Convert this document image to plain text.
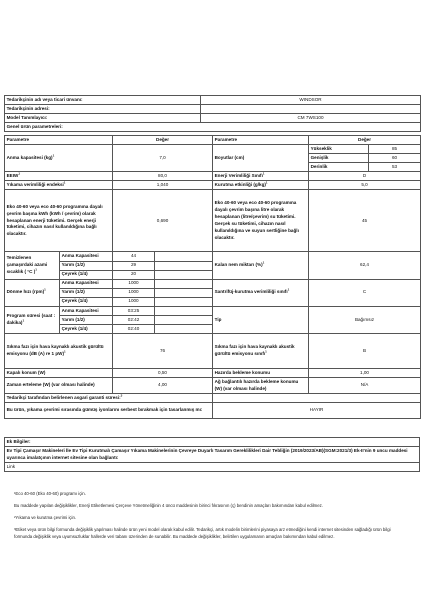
Tedarikçinin adı veya ticari ünvanı:	WINDSOR
Tedarikçinin adresi:	
Model Tanımlayıcı:	CM 7WS100
Genel ürün parametreleri:	
Parametre		Değer		Parametre	Değer	
Anma kapasitesi (kg)$^1$		7,0		Boyutlar (cm)	Yükseklik	85
					Genişlik	60
					Derinlik	53
EEIW$^1$		80,0		Enerji Verimliliği Sınıfı$^1$	D	
Yıkama verimliliği endeksi$^1$		1,040		Kurutma etkinliği $(g/kg)^1$	5,0	
Eko 40-60 veya eco 40-60 programına dayalı çevrim başına kWh (kWh / çevrim) olarak hesaplanan enerji tüketimi. Gerçek enerji tüketimi, cihazın nasıl kullanıldığına bağlı olacaktır.		0,690		Eko 40-60 veya eco 40-60 programına dayalı çevrim başına litre olarak hesaplanan (litre/çevrim) su tüketimi. Gerçek su tüketimi, cihazın nasıl kullanıldığına ve suyun sertliğine bağlı olacaktır.	45	
Temizlenen çamaşırdaki azami sıcaklık ( °C )$^1$	Anma Kapasitesi	44		Kalan nem miktarı (%)$^1$	62,4	
	Yarım (1/2)	29				
	Çeyrek (1/4)	20				
Dönme hızı (rpm)$^1$	Anma Kapasitesi	1000		Santrifüj-kurutma verimliliği sınıfı$^1$	C	
	Yarım (1/2)	1000				
	Çeyrek (1/4)	1000				
Program süresi (saat : dakika)$^1$	Anma Kapasitesi	03:25		Tip	Bağımsız	
	Yarım (1/2)	02:42				
	Çeyrek (1/4)	02:40				
Sıkma fazı için hava kaynaklı akustik gürültü emisyonu (dB (A) re 1 pW)$^1$		76		Sıkma fazı için hava kaynaklı akustik gürültü emisyonu sınıfı$^1$	B	
Kapalı konum (W)		0,50		Hazırda bekleme konumu	1,00	
Zaman erteleme (W) (var olması halinde)		4,00		Ağ bağlantılı hazırda bekleme konumu (W) (var olması halinde)	N/A	
Tedarikçi tarafından belirlenen asgari garanti süresi:$^3$	
Bu ürün, yıkama çevrimi sırasında gümüş iyonlarını serbest bırakmak için tasarlanmış mı:				HAYIR		
Ek Bilgiler:
Ev Tipi Çamaşır Makineleri İle Ev Tipi Kurutmalı Çamaşır Yıkama Makinelerinin Çevreye Duyarlı Tasarım Gereklilikleri Dair Tebliğin (2019/2023/AB)(SGM:2021/3) Ek-II'nin 9 uncu maddesi uyarınca imalatçının internet sitesine olan bağlantı:
Link

¹Eco 40-60 (Eko 40-60) programı için.

Bu maddede yapılan değişiklikler, Enerji Etiketlemesi Çerçeve Yönetmeliğinin 4 üncü maddesinin birinci fıkrasının (ç) bendinin amaçları bakımından kabul edilmez.

²Yıkama ve kurutma çevrimi için.

³Etiket veya ürün bilgi formunda değişiklik yapılması halinde ürün yeni model olarak kabul edilir. Tedarikçi, artık modelin birimlerini piyasaya arz etmediğini kendi internet sitesinden sağladığı ürün bilgi formunda değişiklik veya uyumsuzluklar hallerde veri tabanı üzerinden de sunabilir. Bu maddede değişiklikler, belirtilen uygulamanın amaçları bakımından kabul edilmez.
